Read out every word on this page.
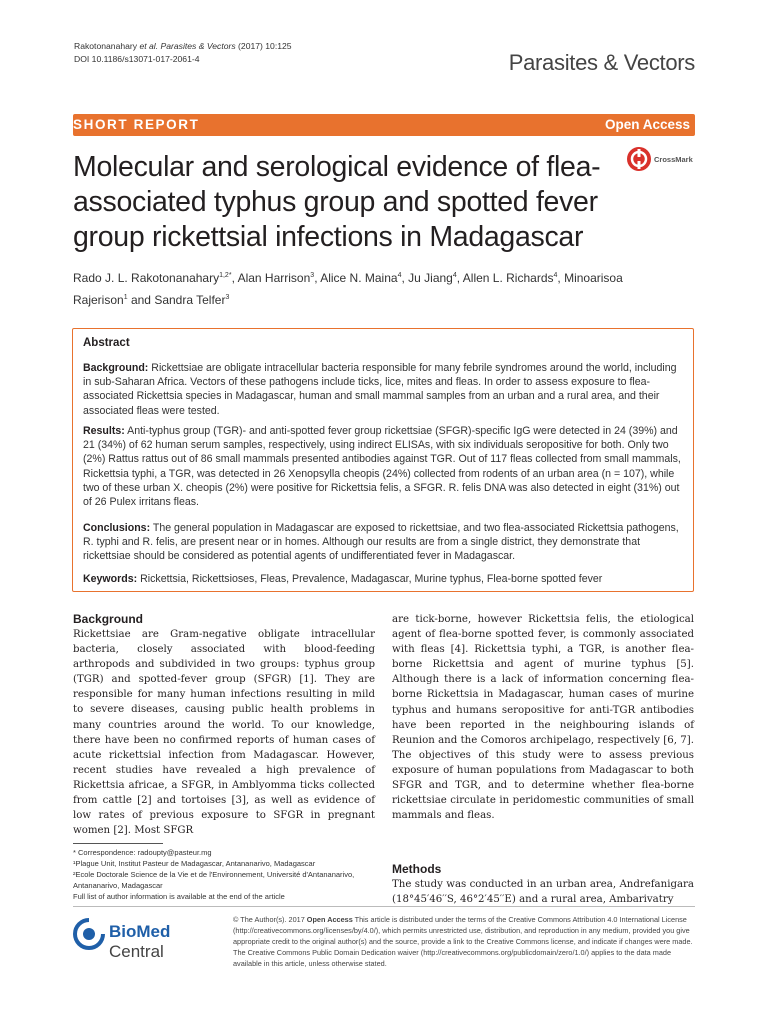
Rakotonanahary et al. Parasites & Vectors (2017) 10:125
DOI 10.1186/s13071-017-2061-4	Parasites & Vectors
SHORT REPORT	Open Access
Molecular and serological evidence of flea-associated typhus group and spotted fever group rickettsial infections in Madagascar
CrossMark

Rado J. L. Rakotonanahary$^{1,2*}$, Alan Harrison$^3$, Alice N. Maina$^4$, Ju Jiang$^4$, Allen L. Richards$^4$, Minoarisoa Rajerison$^1$ and Sandra Telfer$^3$

Abstract

Background: Rickettsiae are obligate intracellular bacteria responsible for many febrile syndromes around the world, including in sub-Saharan Africa. Vectors of these pathogens include ticks, lice, mites and fleas. In order to assess exposure to flea-associated Rickettsia species in Madagascar, human and small mammal samples from an urban and a rural area, and their associated fleas were tested.

Results: Anti-typhus group (TGR)- and anti-spotted fever group rickettsiae (SFGR)-specific IgG were detected in 24 (39%) and 21 (34%) of 62 human serum samples, respectively, using indirect ELISAs, with six individuals seropositive for both. Only two (2%) Rattus rattus out of 86 small mammals presented antibodies against TGR. Out of 117 fleas collected from small mammals, Rickettsia typhi, a TGR, was detected in 26 Xenopsylla cheopis (24%) collected from rodents of an urban area (n = 107), while two of these urban X. cheopis (2%) were positive for Rickettsia felis, a SFGR. R. felis DNA was also detected in eight (31%) out of 26 Pulex irritans fleas.

Conclusions: The general population in Madagascar are exposed to rickettsiae, and two flea-associated Rickettsia pathogens, R. typhi and R. felis, are present near or in homes. Although our results are from a single district, they demonstrate that rickettsiae should be considered as potential agents of undifferentiated fever in Madagascar.

Keywords: Rickettsia, Rickettsioses, Fleas, Prevalence, Madagascar, Murine typhus, Flea-borne spotted fever

Background

Rickettsiae are Gram-negative obligate intracellular bacteria, closely associated with blood-feeding arthropods and subdivided in two groups: typhus group (TGR) and spotted-fever group (SFGR) [1]. They are responsible for many human infections resulting in mild to severe diseases, causing public health problems in many countries around the world. To our knowledge, there have been no confirmed reports of human cases of acute rickettsial infection from Madagascar. However, recent studies have revealed a high prevalence of Rickettsia africae, a SFGR, in Amblyomma ticks collected from cattle [2] and tortoises [3], as well as evidence of low rates of previous exposure to SFGR in pregnant women [2]. Most SFGR

are tick-borne, however Rickettsia felis, the etiological agent of flea-borne spotted fever, is commonly associated with fleas [4]. Rickettsia typhi, a TGR, is another flea-borne Rickettsia and agent of murine typhus [5]. Although there is a lack of information concerning flea-borne Rickettsia in Madagascar, human cases of murine typhus and humans seropositive for anti-TGR antibodies have been reported in the neighbouring islands of Reunion and the Comoros archipelago, respectively [6, 7]. The objectives of this study were to assess previous exposure of human populations from Madagascar to both SFGR and TGR, and to determine whether flea-borne rickettsiae circulate in peridomestic communities of small mammals and fleas.

* Correspondence: radoupty@pasteur.mg
¹Plague Unit, Institut Pasteur de Madagascar, Antananarivo, Madagascar
²Ecole Doctorale Science de la Vie et de l'Environnement, Université d'Antananarivo, Antananarivo, Madagascar
Full list of author information is available at the end of the article
Methods

The study was conducted in an urban area, Andrefanigara (18°45′46′′S, 46°2′45′′E) and a rural area, Ambarivatry

BioMed Central

© The Author(s). 2017 Open Access This article is distributed under the terms of the Creative Commons Attribution 4.0 International License (http://creativecommons.org/licenses/by/4.0/), which permits unrestricted use, distribution, and reproduction in any medium, provided you give appropriate credit to the original author(s) and the source, provide a link to the Creative Commons license, and indicate if changes were made. The Creative Commons Public Domain Dedication waiver (http://creativecommons.org/publicdomain/zero/1.0/) applies to the data made available in this article, unless otherwise stated.
